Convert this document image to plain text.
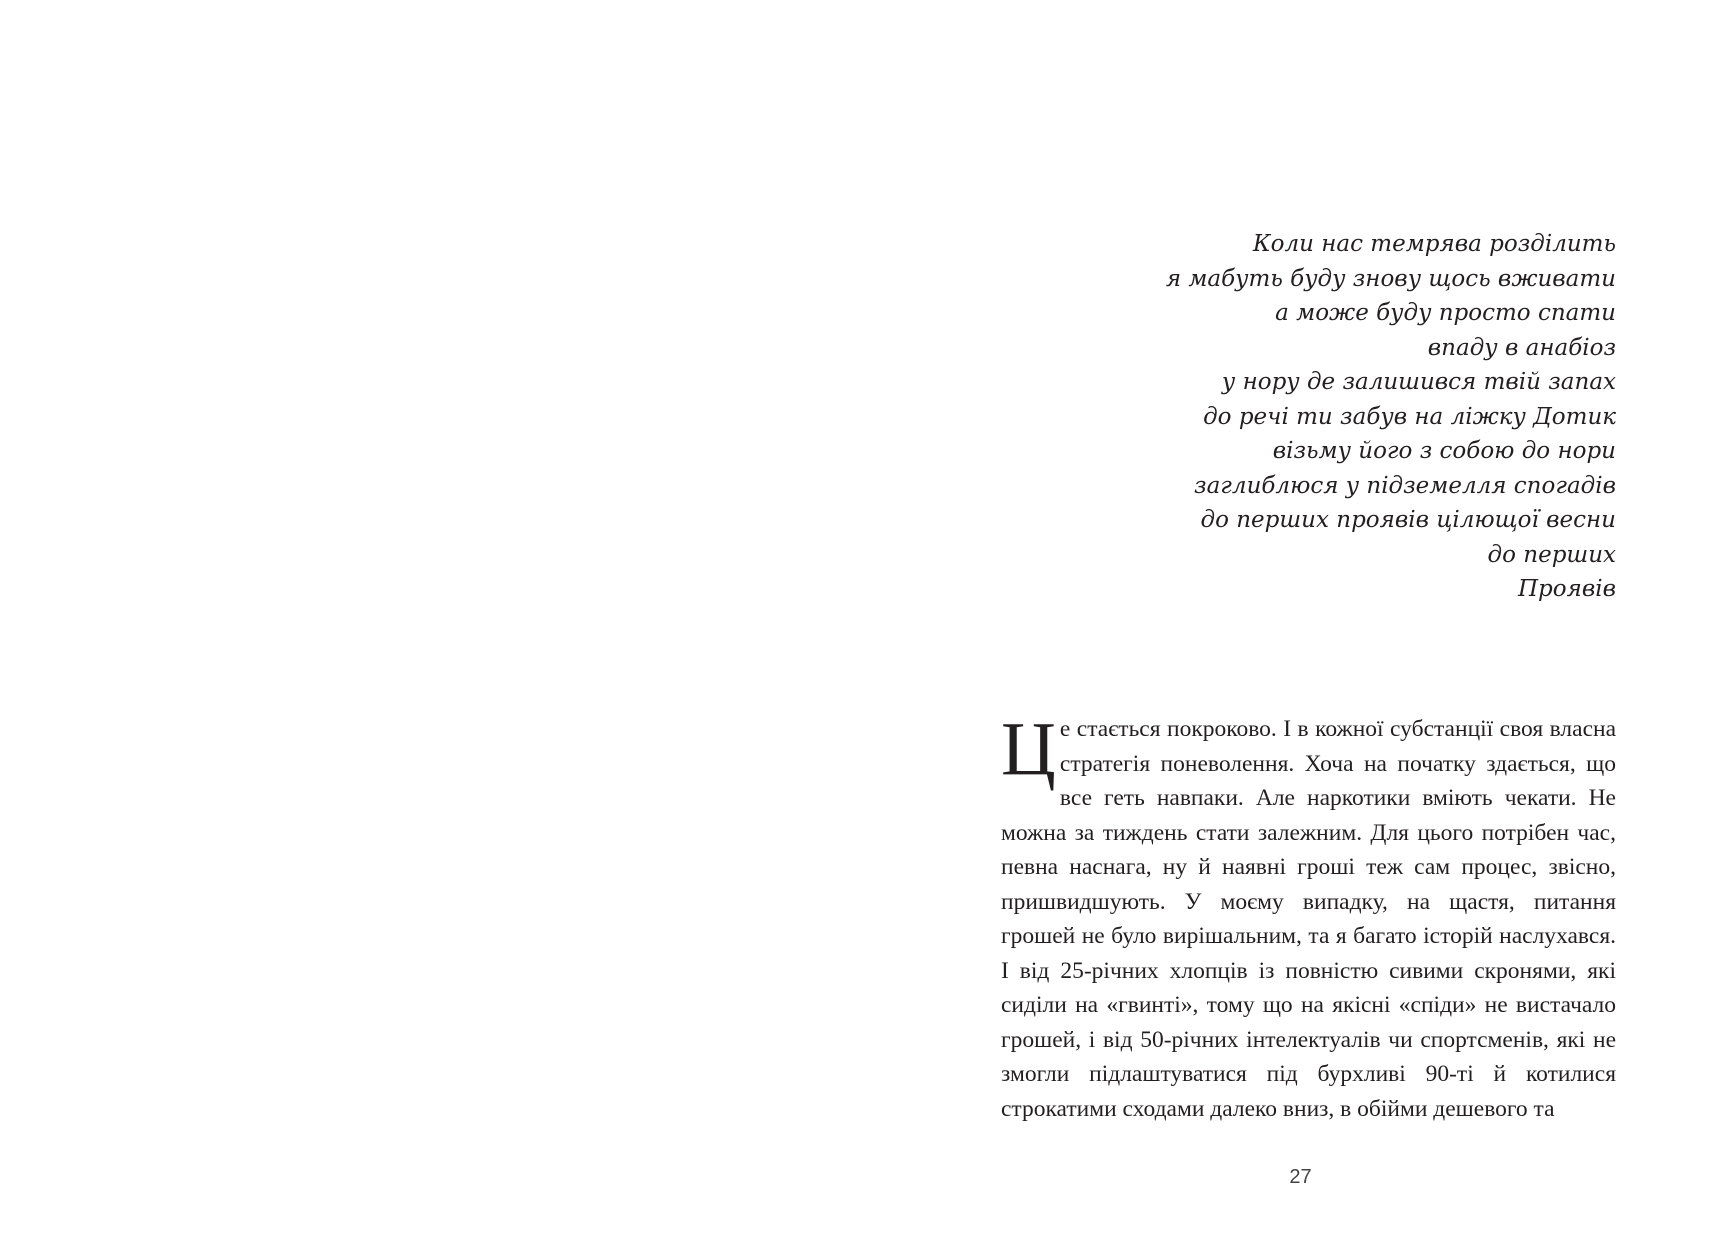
Коли нас темрява розділить
я мабуть буду знову щось вживати
а може буду просто спати
впаду в анабіоз
у нору де залишився твій запах
до речі ти забув на ліжку Дотик
візьму його з собою до нори
заглиблюся у підземелля спогадів
до перших проявів цілющої весни
до перших
Проявів
Ц е стається покроково. І в кожної субстанції своя власна стратегія поневолення. Хоча на початку здається, що все геть навпаки. Але наркотики вміють чекати. Не можна за тиждень стати залежним. Для цього потрібен час, певна наснага, ну й наявні гроші теж сам процес, звісно, пришвидшують. У моєму випадку, на щастя, питання грошей не було вирішальним, та я багато історій наслухався. І від 25-річних хлопців із повністю сивими скронями, які сиділи на «гвинті», тому що на якісні «спіди» не вистачало грошей, і від 50-річних інтелектуалів чи спортсменів, які не змогли підлаштуватися під бурхливі 90-ті й котилися строкатими сходами далеко вниз, в обійми дешевого та

27
